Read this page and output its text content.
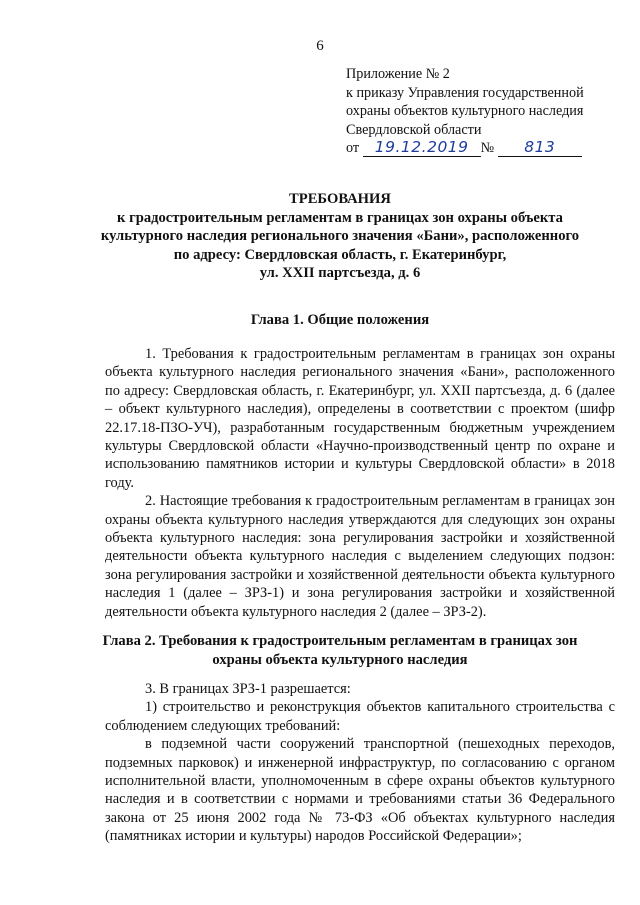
6
Приложение № 2
к приказу Управления государственной
охраны объектов культурного наследия
Свердловской области
от 19.12.2019 № 813
ТРЕБОВАНИЯ
к градостроительным регламентам в границах зон охраны объекта
культурного наследия регионального значения «Бани», расположенного
по адресу: Свердловская область, г. Екатеринбург,
ул. XXII партсъезда, д. 6
Глава 1. Общие положения

1. Требования к градостроительным регламентам в границах зон охраны объекта культурного наследия регионального значения «Бани», расположенного по адресу: Свердловская область, г. Екатеринбург, ул. XXII партсъезда, д. 6 (далее – объект культурного наследия), определены в соответствии с проектом (шифр 22.17.18-ПЗО-УЧ), разработанным государственным бюджетным учреждением культуры Свердловской области «Научно-производственный центр по охране и использованию памятников истории и культуры Свердловской области» в 2018 году.

2. Настоящие требования к градостроительным регламентам в границах зон охраны объекта культурного наследия утверждаются для следующих зон охраны объекта культурного наследия: зона регулирования застройки и хозяйственной деятельности объекта культурного наследия с выделением следующих подзон: зона регулирования застройки и хозяйственной деятельности объекта культурного наследия 1 (далее – ЗРЗ-1) и зона регулирования застройки и хозяйственной деятельности объекта культурного наследия 2 (далее – ЗРЗ-2).

Глава 2. Требования к градостроительным регламентам в границах зон
охраны объекта культурного наследия

3. В границах ЗРЗ-1 разрешается:

1) строительство и реконструкция объектов капитального строительства с соблюдением следующих требований:

в подземной части сооружений транспортной (пешеходных переходов, подземных парковок) и инженерной инфраструктур, по согласованию с органом исполнительной власти, уполномоченным в сфере охраны объектов культурного наследия и в соответствии с нормами и требованиями статьи 36 Федерального закона от 25 июня 2002 года № 73-ФЗ «Об объектах культурного наследия (памятниках истории и культуры) народов Российской Федерации»;
